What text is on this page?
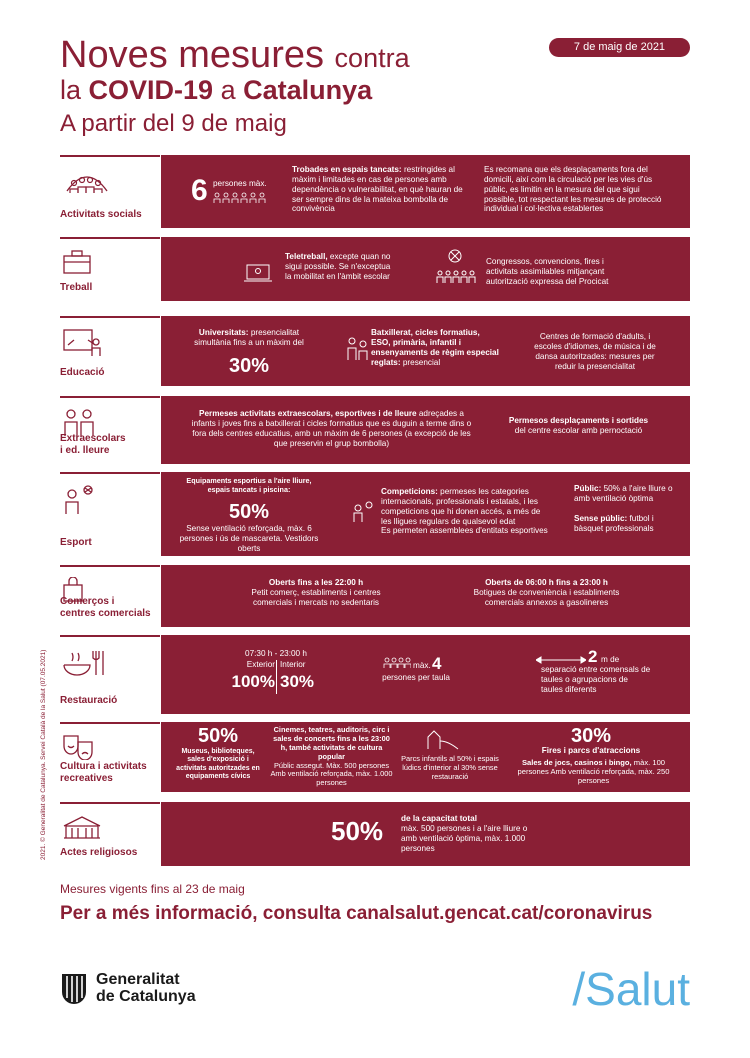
Noves mesures contra
la COVID-19 a Catalunya
A partir del 9 de maig
7 de maig de 2021
2021. © Generalitat de Catalunya. Servei Català de la Salut (07.05.2021)
Activitats socials
6 persones màx.
Trobades en espais tancats: restringides al màxim i limitades en cas de persones amb dependència o vulnerabilitat, en què hauran de ser sempre dins de la mateixa bombolla de convivència
Es recomana que els desplaçaments fora del domicili, així com la circulació per les vies d'ús públic, es limitin en la mesura del que sigui possible, tot respectant les mesures de protecció individual i col·lectiva establertes
Treball
Teletreball, excepte quan no sigui possible. Se n'exceptua la mobilitat en l'àmbit escolar
Congressos, convencions, fires i activitats assimilables mitjançant autorització expressa del Procicat
Educació
Universitats: presencialitat simultània fins a un màxim del
30%
Batxillerat, cicles formatius, ESO, primària, infantil i ensenyaments de règim especial reglats: presencial
Centres de formació d'adults, i escoles d'idiomes, de música i de dansa autoritzades: mesures per reduir la presencialitat
Extraescolars
i ed. lleure
Permeses activitats extraescolars, esportives i de lleure adreçades a infants i joves fins a batxillerat i cicles formatius que es duguin a terme dins o fora dels centres educatius, amb un màxim de 6 persones (a excepció de les que preservin el grup bombolla)
Permesos desplaçaments i sortides
del centre escolar amb pernoctació
Esport
Equipaments esportius a l'aire lliure, espais tancats i piscina:
50%
Sense ventilació reforçada, màx. 6 persones i ús de mascareta. Vestidors oberts
Competicions: permeses les categories internacionals, professionals i estatals, i les competicions que hi donen accés, a més de les lligues regulars de qualsevol edat
Es permeten assemblees d'entitats esportives
Públic: 50% a l'aire lliure o amb ventilació òptima
Sense públic: futbol i bàsquet professionals
Comerços i
centres comercials
Oberts fins a les 22:00 h
Petit comerç, establiments i centres comercials i mercats no sedentaris
Oberts de 06:00 h fins a 23:00 h
Botigues de conveniència i establiments comercials annexos a gasolineres
Restauració
07:30 h - 23:00 h
Exterior Interior
100% 30%
màx. 4
persones per taula
2 m de
separació entre comensals de taules o agrupacions de taules diferents
Cultura i activitats
recreatives
50%
Museus, biblioteques, sales d'exposició i activitats autoritzades en equipaments cívics
Cinemes, teatres, auditoris, circ i sales de concerts fins a les 23:00 h, també activitats de cultura popular
Públic assegut. Màx. 500 persones Amb ventilació reforçada, màx. 1.000 persones
Parcs infantils al 50% i espais lúdics d'interior al 30% sense restauració
30%
Fires i parcs d'atraccions
Sales de jocs, casinos i bingo, màx. 100 persones Amb ventilació reforçada, màx. 250 persones
Actes religiosos
50% de la capacitat total
màx. 500 persones i a l'aire lliure o amb ventilació òptima, màx. 1.000 persones
Mesures vigents fins al 23 de maig
Per a més informació, consulta canalsalut.gencat.cat/coronavirus
Generalitat
de Catalunya	/Salut
